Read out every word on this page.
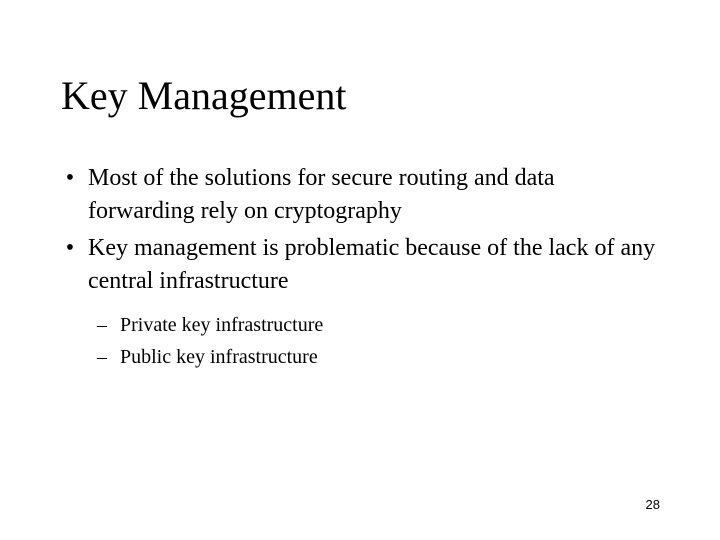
Key Management
• Most of the solutions for secure routing and data forwarding rely on cryptography
• Key management is problematic because of the lack of any central infrastructure
– Private key infrastructure
– Public key infrastructure
28
